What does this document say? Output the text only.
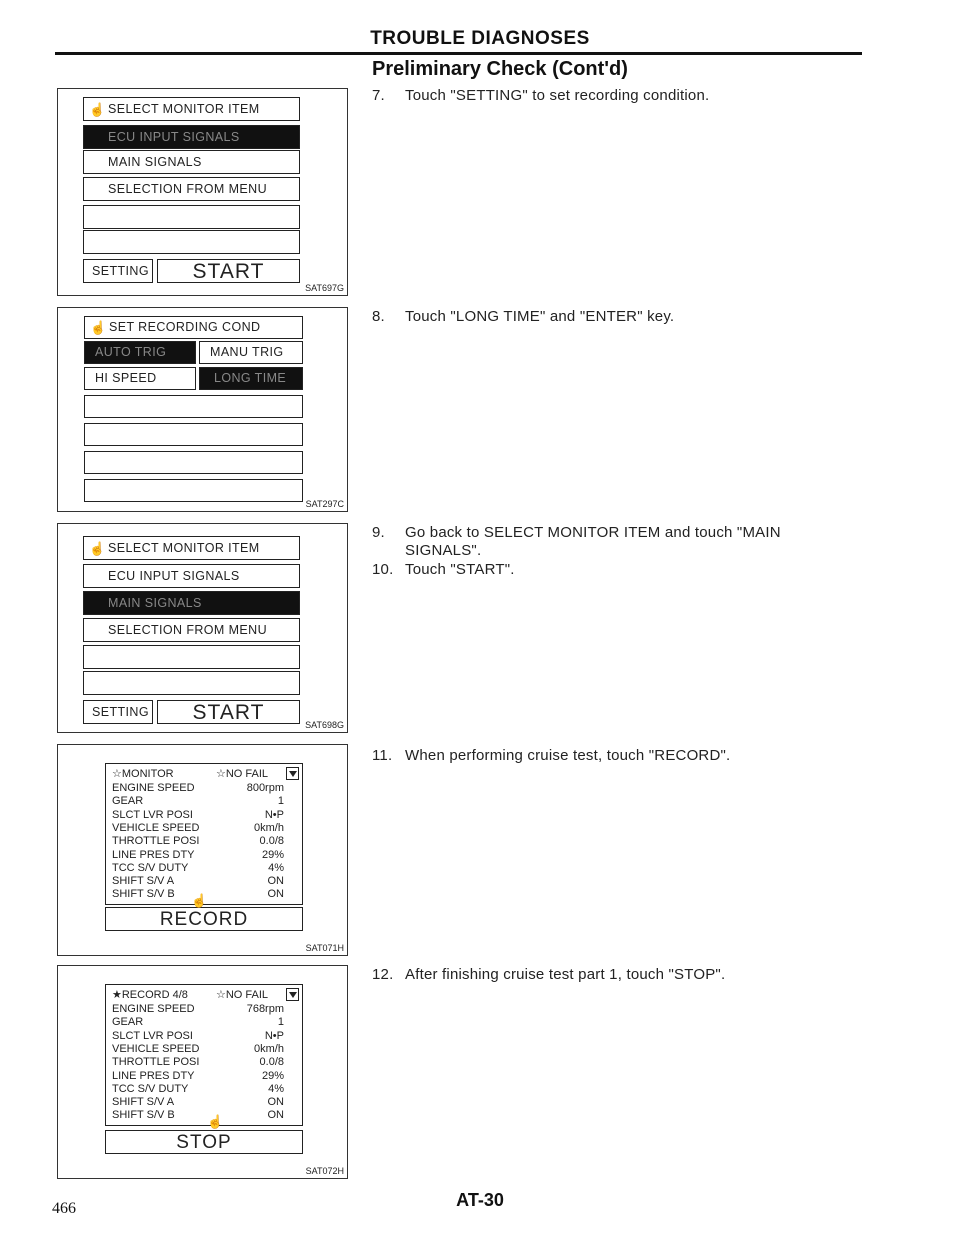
TROUBLE DIAGNOSES
Preliminary Check (Cont'd)
☝ SELECT MONITOR ITEM
ECU INPUT SIGNALS
MAIN SIGNALS
SELECTION FROM MENU
SETTING	START
SAT697G
☝ SET RECORDING COND
AUTO TRIG	MANU TRIG
HI SPEED	LONG TIME
SAT297C
☝ SELECT MONITOR ITEM
ECU INPUT SIGNALS
MAIN SIGNALS
SELECTION FROM MENU
SETTING	START
SAT698G
☆MONITOR	☆NO FAIL
ENGINE SPEED	800rpm
GEAR	1
SLCT LVR POSI	N•P
VEHICLE SPEED	0km/h
THROTTLE POSI	0.0/8
LINE PRES DTY	29%
TCC S/V DUTY	4%
SHIFT S/V A	ON
SHIFT S/V B	ON
RECORD
☝
SAT071H
★RECORD 4/8	☆NO FAIL
ENGINE SPEED	768rpm
GEAR	1
SLCT LVR POSI	N•P
VEHICLE SPEED	0km/h
THROTTLE POSI	0.0/8
LINE PRES DTY	29%
TCC S/V DUTY	4%
SHIFT S/V A	ON
SHIFT S/V B	ON
STOP
☝
SAT072H
7. Touch "SETTING" to set recording condition.
8. Touch "LONG TIME" and "ENTER" key.
9. Go back to SELECT MONITOR ITEM and touch "MAIN
SIGNALS".
10. Touch "START".
11. When performing cruise test, touch "RECORD".
12. After finishing cruise test part 1, touch "STOP".
AT-30
466
